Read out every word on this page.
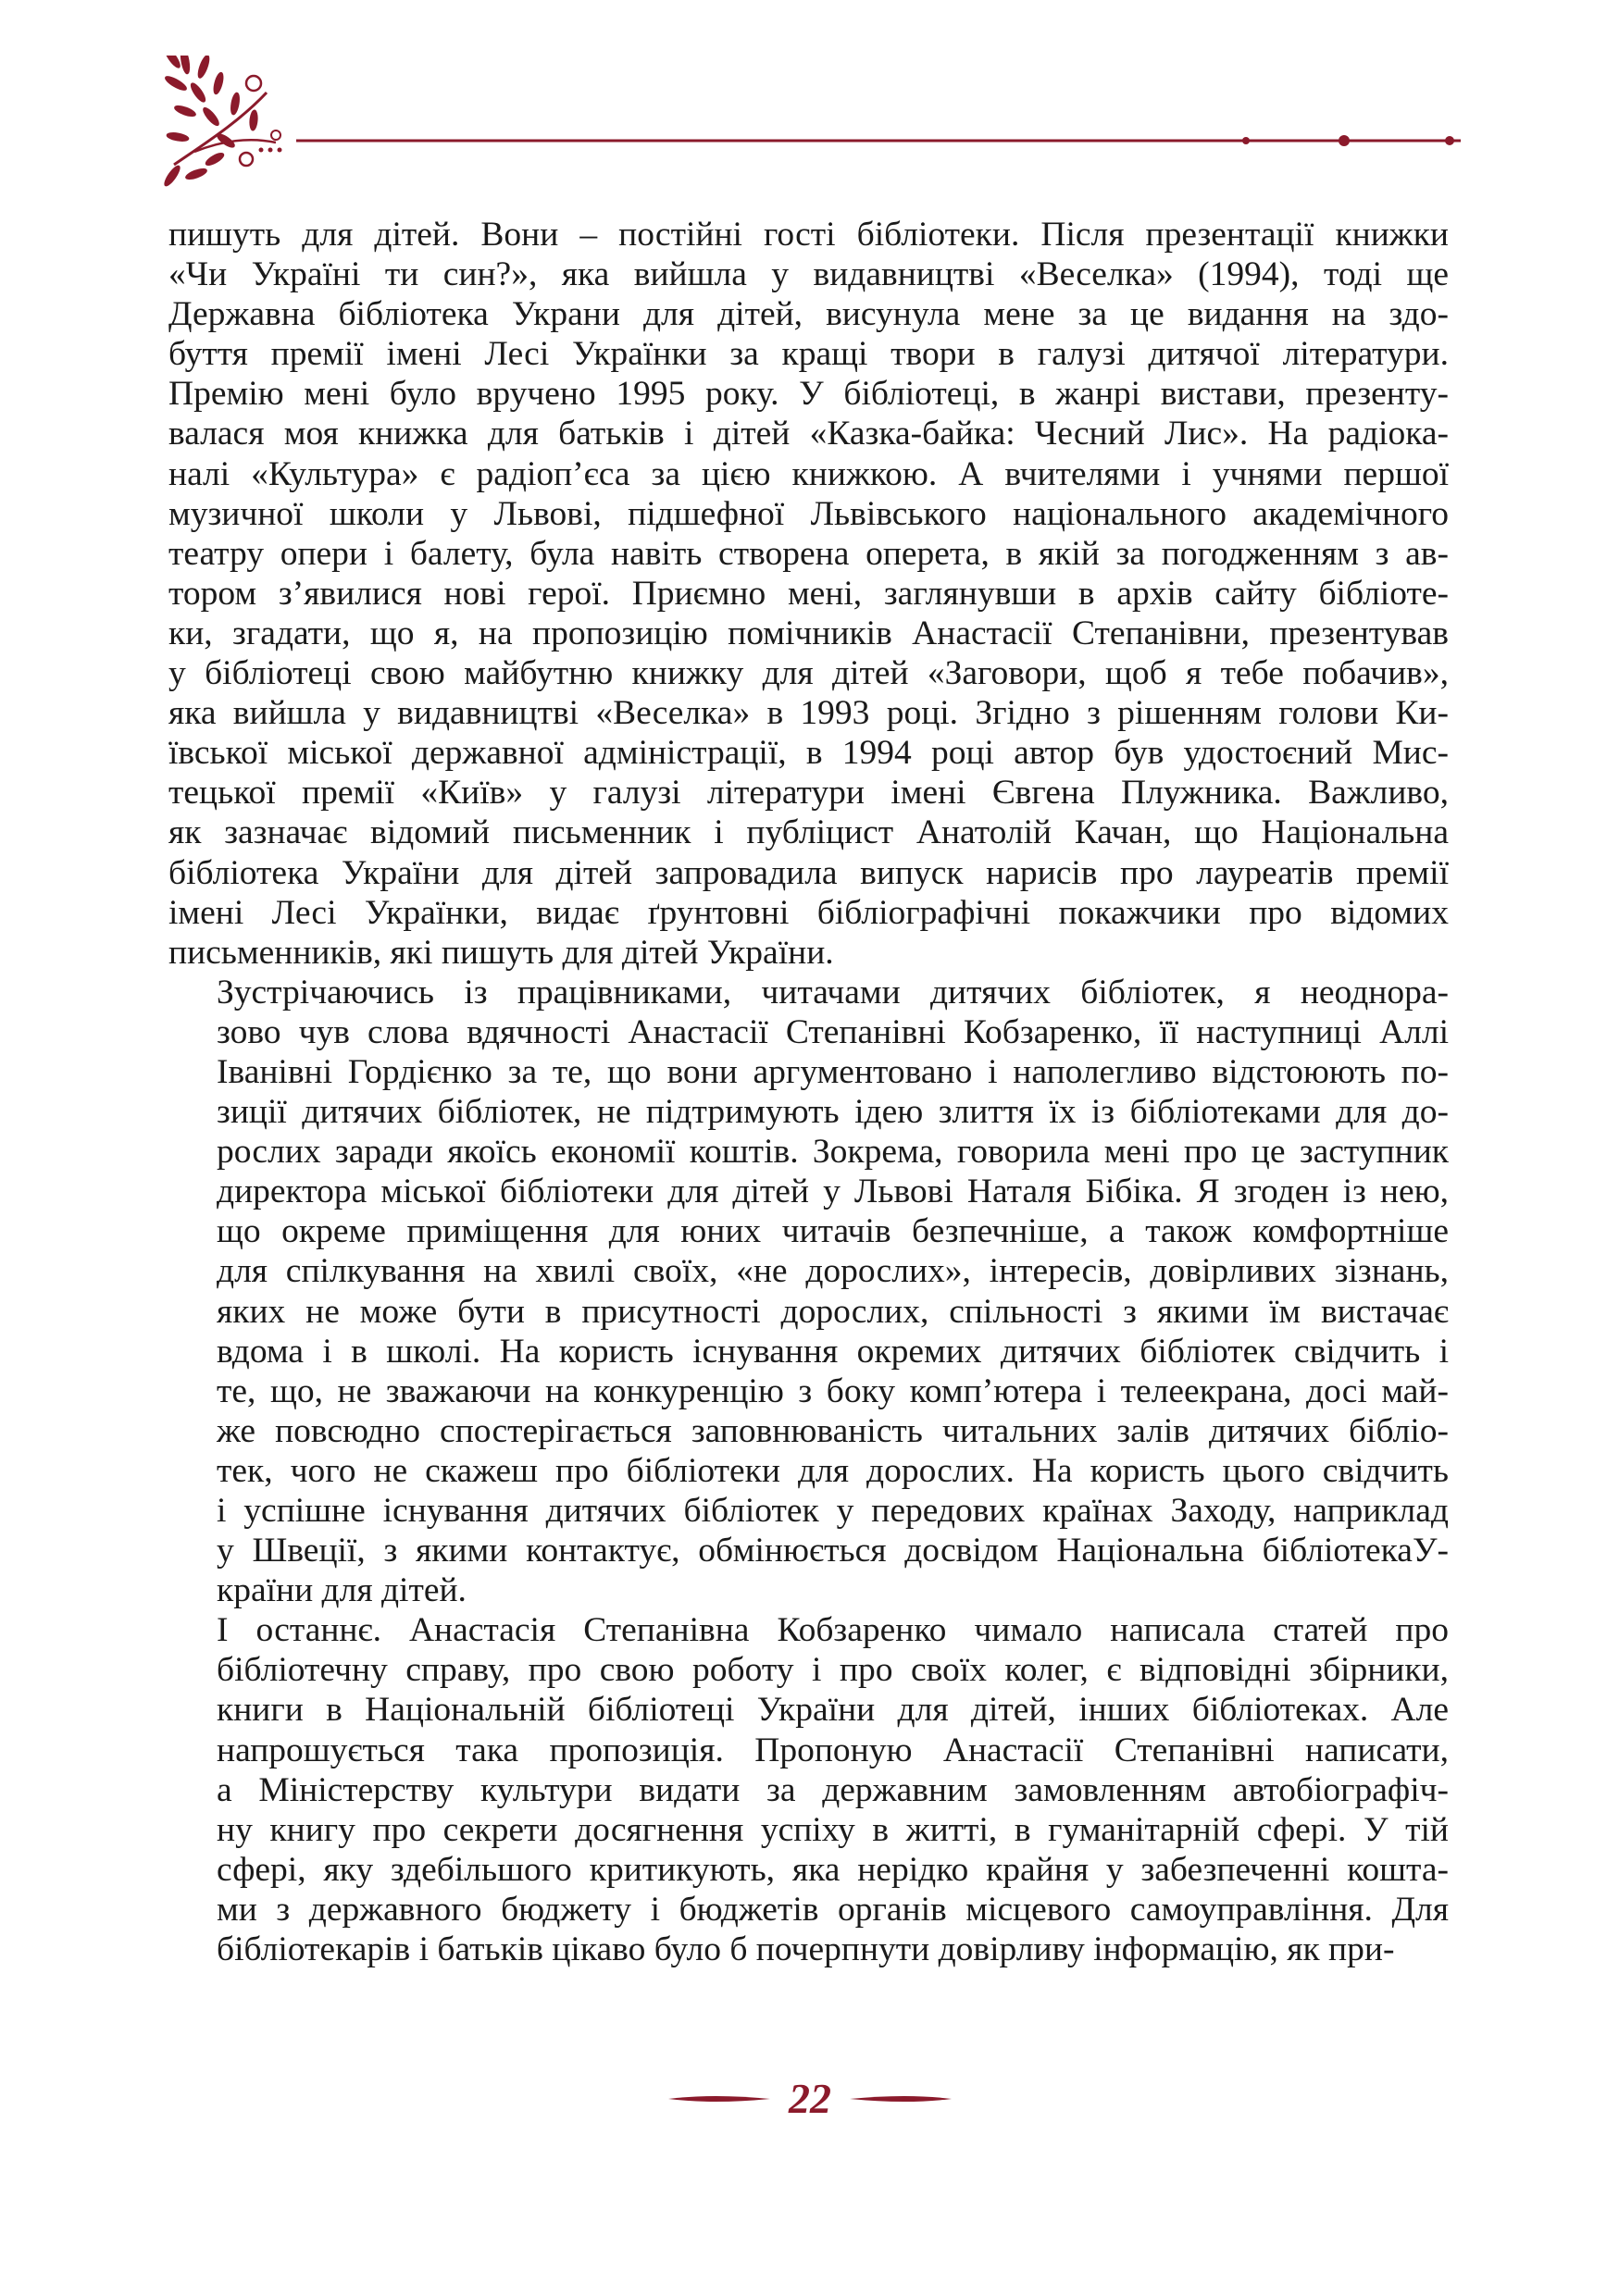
пишуть для дітей. Вони – постійні гості бібліотеки. Після презентації книжки
«Чи Україні ти син?», яка вийшла у видавництві «Веселка» (1994), тоді ще
Державна бібліотека Украни для дітей, висунула мене за це видання на здо-
буття премії імені Лесі Українки за кращі твори в галузі дитячої літератури.
Премію мені було вручено 1995 року. У бібліотеці, в жанрі вистави, презенту-
валася моя книжка для батьків і дітей «Казка-байка: Чесний Лис». На радіока-
налі «Культура» є радіоп’єса за цією книжкою. А вчителями і учнями першої
музичної школи у Львові, підшефної Львівського національного академічного
театру опери і балету, була навіть створена оперета, в якій за погодженням з ав-
тором з’явилися нові герої. Приємно мені, заглянувши в архів сайту бібліоте-
ки, згадати, що я, на пропозицію помічників Анастасії Степанівни, презентував
у бібліотеці свою майбутню книжку для дітей «Заговори, щоб я тебе побачив»,
яка вийшла у видавництві «Веселка» в 1993 році. Згідно з рішенням голови Ки-
ївської міської державної адміністрації, в 1994 році автор був удостоєний Мис-
тецької премії «Київ» у галузі літератури імені Євгена Плужника. Важливо,
як зазначає відомий письменник і публіцист Анатолій Качан, що Національна
бібліотека України для дітей запровадила випуск нарисів про лауреатів премії
імені Лесі Українки, видає ґрунтовні бібліографічні покажчики про відомих
письменників, які пишуть для дітей України.

Зустрічаючись із працівниками, читачами дитячих бібліотек, я неоднора-
зово чув слова вдячності Анастасії Степанівні Кобзаренко, її наступниці Аллі
Іванівні Гордієнко за те, що вони аргументовано і наполегливо відстоюють по-
зиції дитячих бібліотек, не підтримують ідею злиття їх із бібліотеками для до-
рослих заради якоїсь економії коштів. Зокрема, говорила мені про це заступник
директора міської бібліотеки для дітей у Львові Наталя Бібіка. Я згоден із нею,
що окреме приміщення для юних читачів безпечніше, а також комфортніше
для спілкування на хвилі своїх, «не дорослих», інтересів, довірливих зізнань,
яких не може бути в присутності дорослих, спільності з якими їм вистачає
вдома і в школі. На користь існування окремих дитячих бібліотек свідчить і
те, що, не зважаючи на конкуренцію з боку комп’ютера і телеекрана, досі май-
же повсюдно спостерігається заповнюваність читальних залів дитячих бібліо-
тек, чого не скажеш про бібліотеки для дорослих. На користь цього свідчить
і успішне існування дитячих бібліотек у передових країнах Заходу, наприклад
у Швеції, з якими контактує, обмінюється досвідом Національна бібліотекаУ-
країни для дітей.

І останнє. Анастасія Степанівна Кобзаренко чимало написала статей про
бібліотечну справу, про свою роботу і про своїх колег, є відповідні збірники,
книги в Національній бібліотеці України для дітей, інших бібліотеках. Але
напрошується така пропозиція. Пропоную Анастасії Степанівні написати,
а Міністерству культури видати за державним замовленням автобіографіч-
ну книгу про секрети досягнення успіху в житті, в гуманітарній сфері. У тій
сфері, яку здебільшого критикують, яка нерідко крайня у забезпеченні кошта-
ми з державного бюджету і бюджетів органів місцевого самоуправління. Для
бібліотекарів і батьків цікаво було б почерпнути довірливу інформацію, як при-

22
